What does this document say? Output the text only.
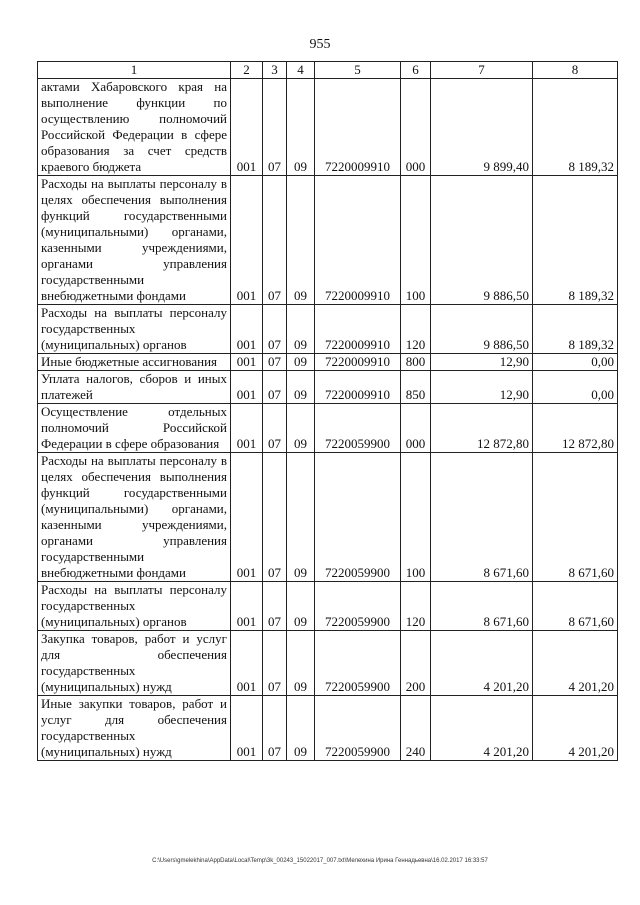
955
1	2	3	4	5	6	7	8
актами Хабаровского края на выполнение функции по осуществлению полномочий Российской Федерации в сфере образования за счет средств краевого бюджета	001	07	09	7220009910	000	9 899,40	8 189,32
Расходы на выплаты персоналу в целях обеспечения выполнения функций государственными (муниципальными) органами, казенными учреждениями, органами управления государственными внебюджетными фондами	001	07	09	7220009910	100	9 886,50	8 189,32
Расходы на выплаты персоналу государственных (муниципальных) органов	001	07	09	7220009910	120	9 886,50	8 189,32
Иные бюджетные ассигнования	001	07	09	7220009910	800	12,90	0,00
Уплата налогов, сборов и иных платежей	001	07	09	7220009910	850	12,90	0,00
Осуществление отдельных полномочий Российской Федерации в сфере образования	001	07	09	7220059900	000	12 872,80	12 872,80
Расходы на выплаты персоналу в целях обеспечения выполнения функций государственными (муниципальными) органами, казенными учреждениями, органами управления государственными внебюджетными фондами	001	07	09	7220059900	100	8 671,60	8 671,60
Расходы на выплаты персоналу государственных (муниципальных) органов	001	07	09	7220059900	120	8 671,60	8 671,60
Закупка товаров, работ и услуг для обеспечения государственных (муниципальных) нужд	001	07	09	7220059900	200	4 201,20	4 201,20
Иные закупки товаров, работ и услуг для обеспечения государственных (муниципальных) нужд	001	07	09	7220059900	240	4 201,20	4 201,20
C:\Users\gmelekhina\AppData\Local\Temp\3k_00243_15022017_007.txt\Мелехина Ирина Геннадьевна\16.02.2017 16:33:57
